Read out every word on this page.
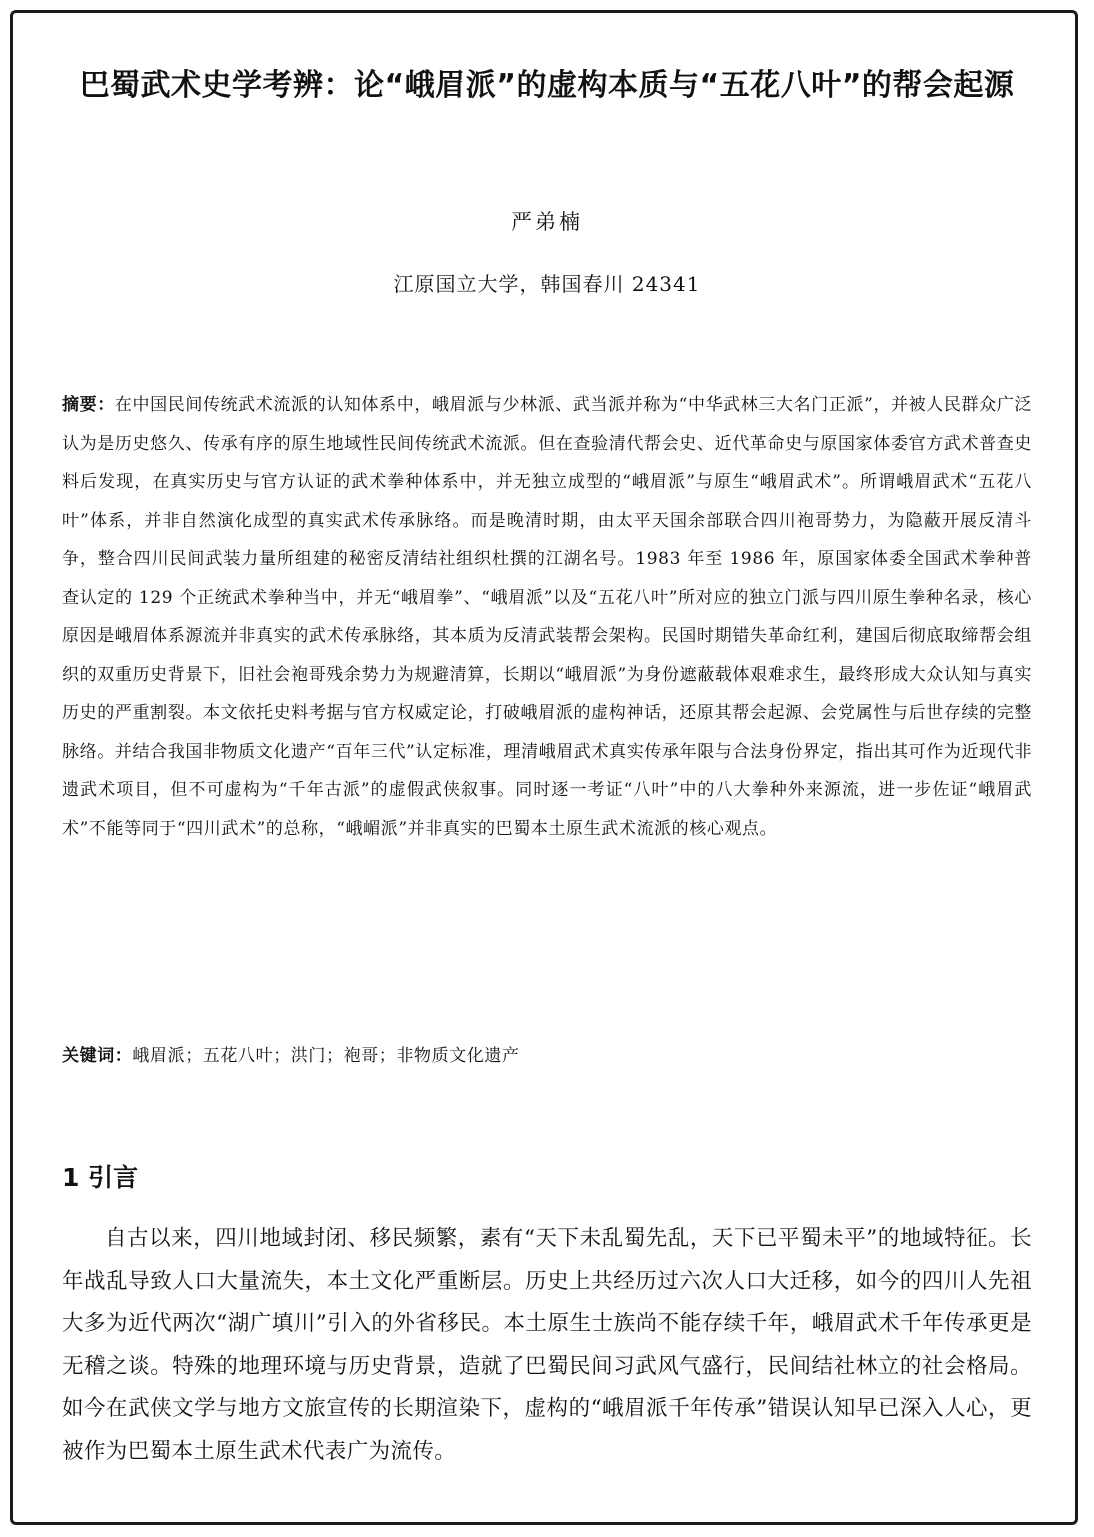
巴蜀武术史学考辨：论“峨眉派”的虚构本质与“五花八叶”的帮会起源
严弟楠
江原国立大学，韩国春川 24341

摘要：在中国民间传统武术流派的认知体系中，峨眉派与少林派、武当派并称为“中华武林三大名门正派”，并被人民群众广泛认为是历史悠久、传承有序的原生地域性民间传统武术流派。但在查验清代帮会史、近代革命史与原国家体委官方武术普查史料后发现，在真实历史与官方认证的武术拳种体系中，并无独立成型的“峨眉派”与原生“峨眉武术”。所谓峨眉武术“五花八叶”体系，并非自然演化成型的真实武术传承脉络。而是晚清时期，由太平天国余部联合四川袍哥势力，为隐蔽开展反清斗争，整合四川民间武装力量所组建的秘密反清结社组织杜撰的江湖名号。1983 年至 1986 年，原国家体委全国武术拳种普查认定的 129 个正统武术拳种当中，并无“峨眉拳”、“峨眉派”以及“五花八叶”所对应的独立门派与四川原生拳种名录，核心原因是峨眉体系源流并非真实的武术传承脉络，其本质为反清武装帮会架构。民国时期错失革命红利，建国后彻底取缔帮会组织的双重历史背景下，旧社会袍哥残余势力为规避清算，长期以“峨眉派”为身份遮蔽载体艰难求生，最终形成大众认知与真实历史的严重割裂。本文依托史料考据与官方权威定论，打破峨眉派的虚构神话，还原其帮会起源、会党属性与后世存续的完整脉络。并结合我国非物质文化遗产“百年三代”认定标准，理清峨眉武术真实传承年限与合法身份界定，指出其可作为近现代非遗武术项目，但不可虚构为“千年古派”的虚假武侠叙事。同时逐一考证“八叶”中的八大拳种外来源流，进一步佐证“峨眉武术”不能等同于“四川武术”的总称，“峨嵋派”并非真实的巴蜀本土原生武术流派的核心观点。

关键词：峨眉派；五花八叶；洪门；袍哥；非物质文化遗产
1 引言

自古以来，四川地域封闭、移民频繁，素有“天下未乱蜀先乱，天下已平蜀未平”的地域特征。长年战乱导致人口大量流失，本土文化严重断层。历史上共经历过六次人口大迁移，如今的四川人先祖大多为近代两次“湖广填川”引入的外省移民。本土原生士族尚不能存续千年，峨眉武术千年传承更是无稽之谈。特殊的地理环境与历史背景，造就了巴蜀民间习武风气盛行，民间结社林立的社会格局。如今在武侠文学与地方文旅宣传的长期渲染下，虚构的“峨眉派千年传承”错误认知早已深入人心，更被作为巴蜀本土原生武术代表广为流传。
